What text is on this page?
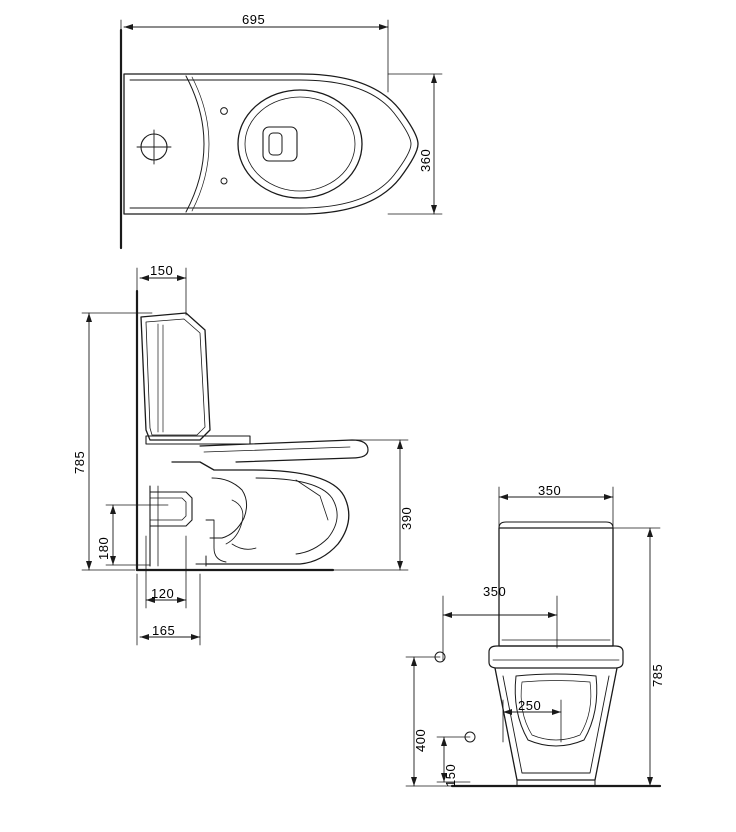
695
360
150
785
180
390
120
165
350
350
785
250
400
150
